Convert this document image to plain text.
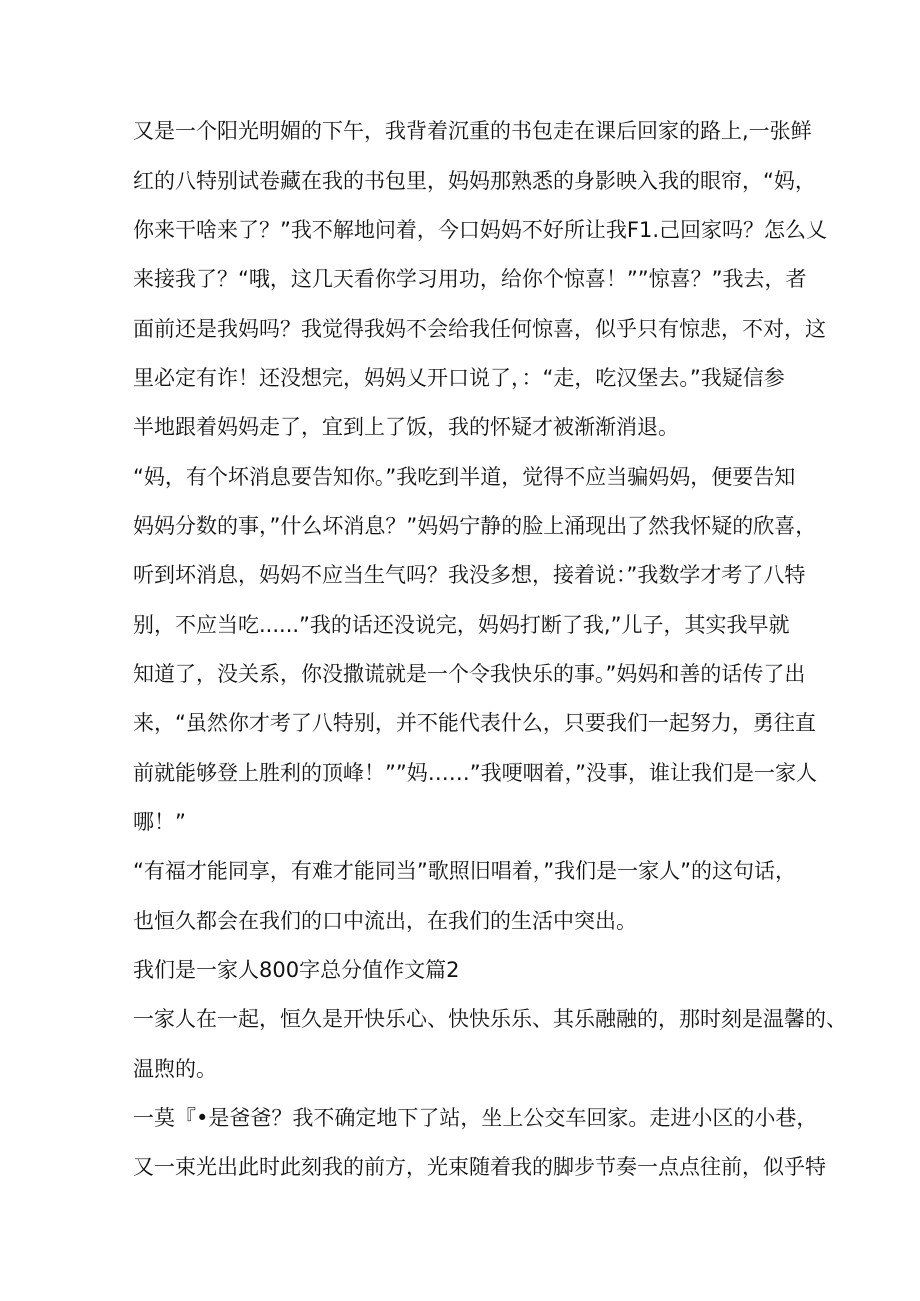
又是一个阳光明媚的下午，我背着沉重的书包走在课后回家的路上,一张鲜
红的八特别试卷藏在我的书包里，妈妈那熟悉的身影映入我的眼帘，“妈，
你来干啥来了？”我不解地问着，今口妈妈不好所让我F1.己回家吗？怎么乂
来接我了？“哦，这几天看你学习用功，给你个惊喜！””惊喜？”我去，者
面前还是我妈吗？我觉得我妈不会给我任何惊喜，似乎只有惊悲，不对，这
里必定有诈！还没想完，妈妈乂开口说了，：“走，吃汉堡去。”我疑信参
半地跟着妈妈走了，宜到上了饭，我的怀疑才被渐渐消退。
“妈，有个坏消息要告知你。”我吃到半道，觉得不应当骗妈妈，便要告知
妈妈分数的事，”什么坏消息？”妈妈宁静的脸上涌现出了然我怀疑的欣喜，
听到坏消息，妈妈不应当生气吗？我没多想，接着说：”我数学才考了八特
别，不应当吃......”我的话还没说完，妈妈打断了我,”儿子，其实我早就
知道了，没关系，你没撒谎就是一个令我快乐的事。”妈妈和善的话传了出
来，“虽然你才考了八特别，并不能代表什么，只要我们一起努力，勇往直
前就能够登上胜利的顶峰！””妈……”我哽咽着，”没事，谁让我们是一家人
哪！”
“有福才能同享，有难才能同当”歌照旧唱着，”我们是一家人”的这句话，
也恒久都会在我们的口中流出，在我们的生活中突出。
我们是一家人800字总分值作文篇2
一家人在一起，恒久是开快乐心、快快乐乐、其乐融融的，那时刻是温馨的、
温煦的。
一莫『•是爸爸？我不确定地下了站，坐上公交车回家。走进小区的小巷，
又一束光出此时此刻我的前方，光束随着我的脚步节奏一点点往前，似乎特
